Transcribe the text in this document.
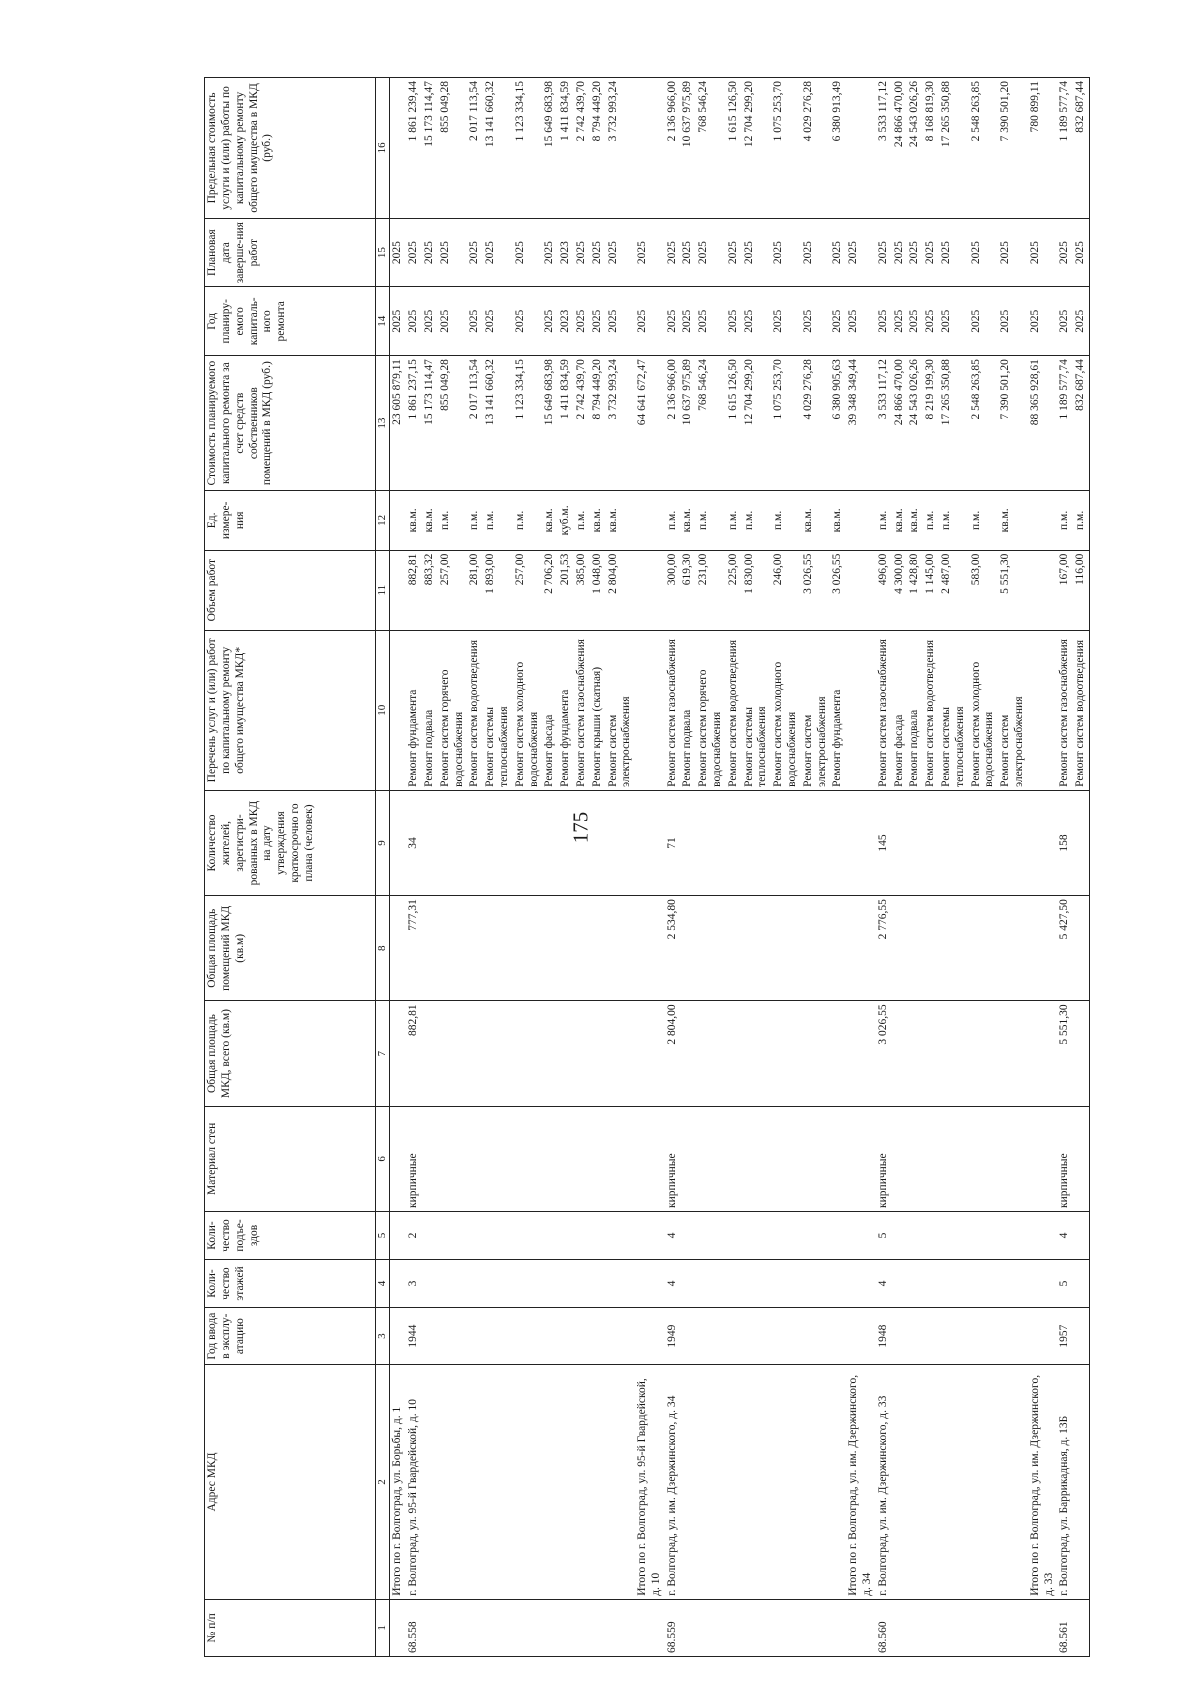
175
№ п/п	Адрес МКД	Год ввода в эксплу-атацию	Коли-чество этажей	Коли-чество подъе-здов	Материал стен	Общая площадь МКД, всего (кв.м)	Общая площадь помещений МКД (кв.м)	Количество жителей, зарегистри-рованных в МКД на дату утверждения краткосрочно го плана (человек)	Перечень услуг и (или) работ по капитальному ремонту общего имущества МКД*	Объем работ	Ед. измере-ния	Стоимость планируемого капитального ремонта за счет средств собственников помещений в МКД (руб.)	Год планиру-емого капиталь-ного ремонта	Плановая дата заверше-ния работ	Предельная стоимость услуги и (или) работы по капитальному ремонту общего имущества в МКД (руб.)
1	2	3	4	5	6	7	8	9	10	11	12	13	14	15	16
	Итого по г. Волгоград, ул. Борьбы, д. 1											23 605 879,11	2025	2025	
68.558	г. Волгоград, ул. 95-й Гвардейской, д. 10	1944	3	2	кирпичные	882,81	777,31	34	Ремонт фундамента	882,81	кв.м.	1 861 237,15	2025	2025	1 861 239,44
									Ремонт подвала	883,32	кв.м.	15 173 114,47	2025	2025	15 173 114,47
									Ремонт систем горячего водоснабжения	257,00	п.м.	855 049,28	2025	2025	855 049,28
									Ремонт систем водоотведения	281,00	п.м.	2 017 113,54	2025	2025	2 017 113,54
									Ремонт системы теплоснабжения	1 893,00	п.м.	13 141 660,32	2025	2025	13 141 660,32
									Ремонт систем холодного водоснабжения	257,00	п.м.	1 123 334,15	2025	2025	1 123 334,15
									Ремонт фасада	2 706,20	кв.м.	15 649 683,98	2025	2025	15 649 683,98
									Ремонт фундамента	201,53	куб.м.	1 411 834,59	2023	2023	1 411 834,59
									Ремонт систем газоснабжения	385,00	п.м.	2 742 439,70	2025	2025	2 742 439,70
									Ремонт крыши (скатная)	1 048,00	кв.м.	8 794 449,20	2025	2025	8 794 449,20
									Ремонт систем электроснабжения	2 804,00	кв.м.	3 732 993,24	2025	2025	3 732 993,24
	Итого по г. Волгоград, ул. 95-й Гвардейской, д. 10											64 641 672,47	2025	2025	
68.559	г. Волгоград, ул. им. Дзержинского, д. 34	1949	4	4	кирпичные	2 804,00	2 534,80	71	Ремонт систем газоснабжения	300,00	п.м.	2 136 966,00	2025	2025	2 136 966,00
									Ремонт подвала	619,30	кв.м.	10 637 975,89	2025	2025	10 637 975,89
									Ремонт систем горячего водоснабжения	231,00	п.м.	768 546,24	2025	2025	768 546,24
									Ремонт систем водоотведения	225,00	п.м.	1 615 126,50	2025	2025	1 615 126,50
									Ремонт системы теплоснабжения	1 830,00	п.м.	12 704 299,20	2025	2025	12 704 299,20
									Ремонт систем холодного водоснабжения	246,00	п.м.	1 075 253,70	2025	2025	1 075 253,70
									Ремонт систем электроснабжения	3 026,55	кв.м.	4 029 276,28	2025	2025	4 029 276,28
									Ремонт фундамента	3 026,55	кв.м.	6 380 905,63	2025	2025	6 380 913,49
	Итого по г. Волгоград, ул. им. Дзержинского, д. 34											39 348 349,44	2025	2025	
68.560	г. Волгоград, ул. им. Дзержинского, д. 33	1948	4	5	кирпичные	3 026,55	2 776,55	145	Ремонт систем газоснабжения	496,00	п.м.	3 533 117,12	2025	2025	3 533 117,12
									Ремонт фасада	4 300,00	кв.м.	24 866 470,00	2025	2025	24 866 470,00
									Ремонт подвала	1 428,80	кв.м.	24 543 026,26	2025	2025	24 543 026,26
									Ремонт систем водоотведения	1 145,00	п.м.	8 219 199,30	2025	2025	8 168 819,30
									Ремонт системы теплоснабжения	2 487,00	п.м.	17 265 350,88	2025	2025	17 265 350,88
									Ремонт систем холодного водоснабжения	583,00	п.м.	2 548 263,85	2025	2025	2 548 263,85
									Ремонт систем электроснабжения	5 551,30	кв.м.	7 390 501,20	2025	2025	7 390 501,20
	Итого по г. Волгоград, ул. им. Дзержинского, д. 33											88 365 928,61	2025	2025	780 899,11
68.561	г. Волгоград, ул. Баррикадная, д. 13Б	1957	5	4	кирпичные	5 551,30	5 427,50	158	Ремонт систем газоснабжения	167,00	п.м.	1 189 577,74	2025	2025	1 189 577,74
									Ремонт систем водоотведения	116,00	п.м.	832 687,44	2025	2025	832 687,44
